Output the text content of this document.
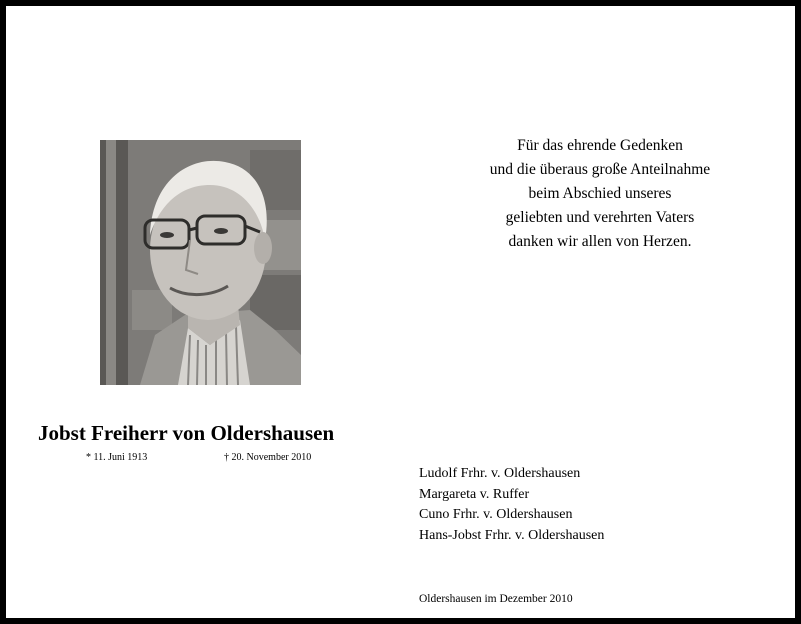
Jobst Freiherr von Oldershausen
* 11. Juni 1913	† 20. November 2010
Für das ehrende Gedenken
und die überaus große Anteilnahme
beim Abschied unseres
geliebten und verehrten Vaters
danken wir allen von Herzen.
Ludolf Frhr. v. Oldershausen
Margareta v. Ruffer
Cuno Frhr. v. Oldershausen
Hans-Jobst Frhr. v. Oldershausen
Oldershausen im Dezember 2010
